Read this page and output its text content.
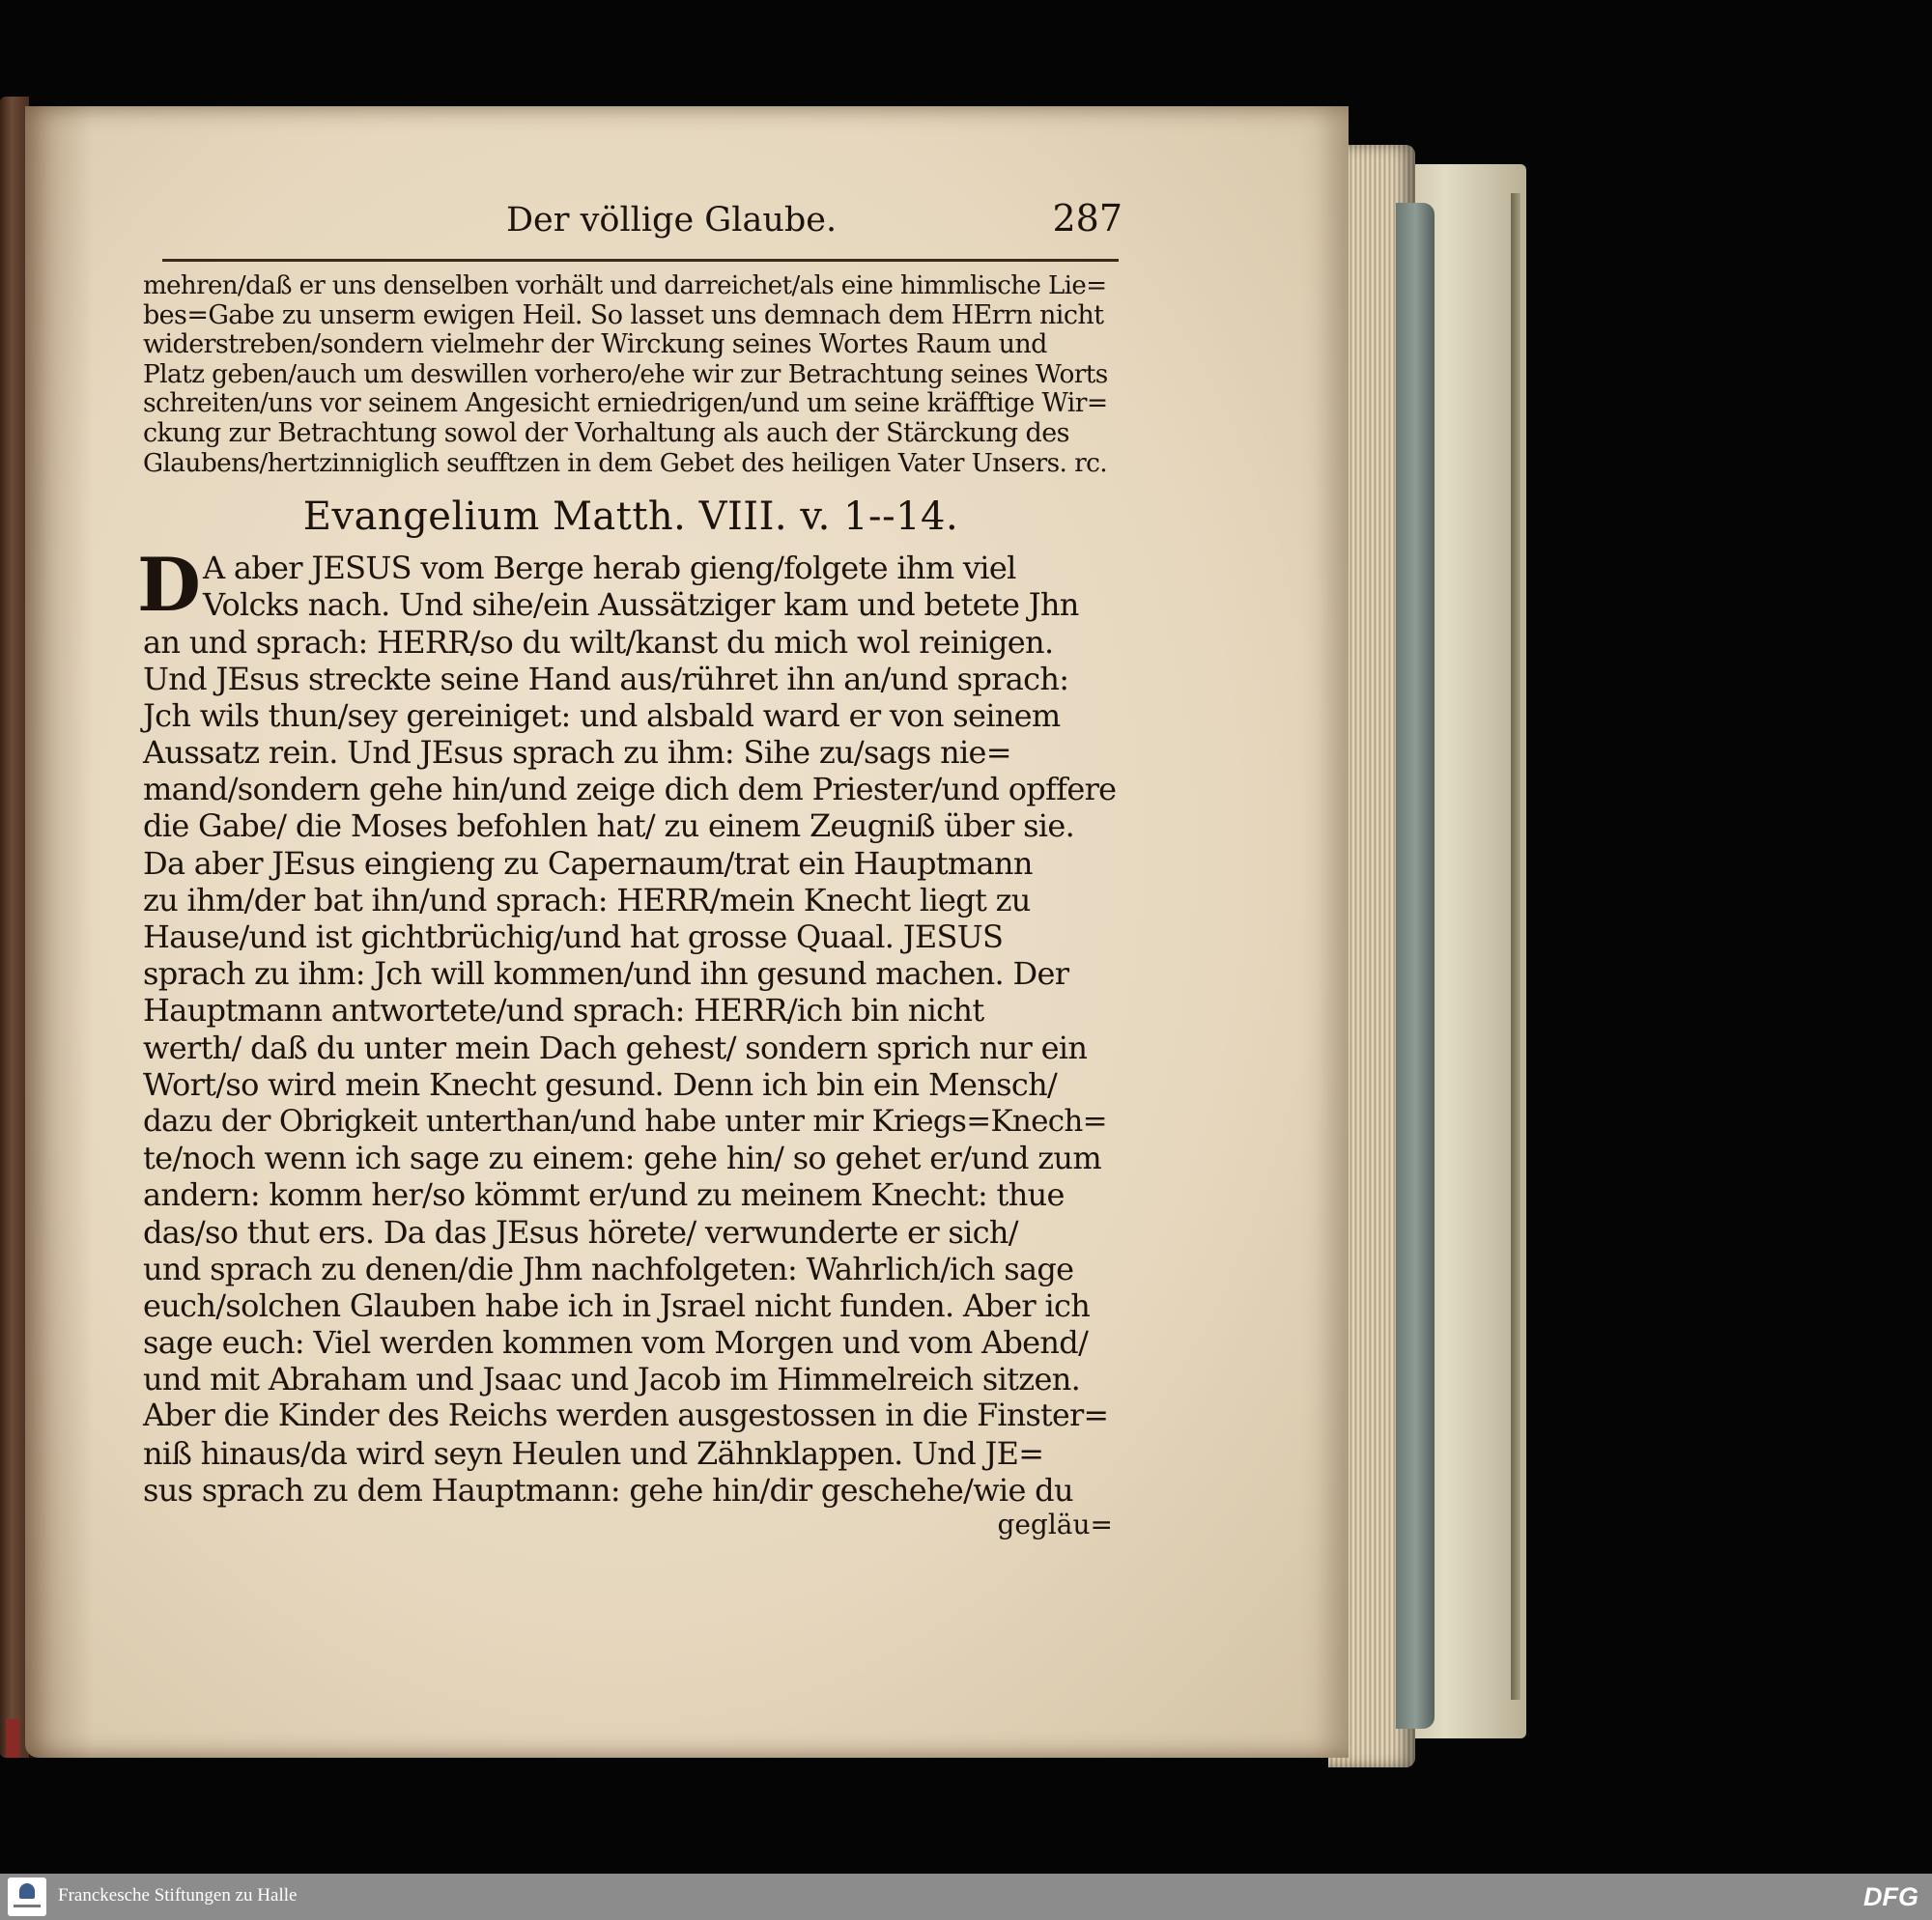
Der völlige Glaube.	287
mehren/daß er uns denselben vorhält und darreichet/als eine himmlische Lie=
bes=Gabe zu unserm ewigen Heil. So lasset uns demnach dem HErrn nicht
widerstreben/sondern vielmehr der Wirckung seines Wortes Raum und
Platz geben/auch um deswillen vorhero/ehe wir zur Betrachtung seines Worts
schreiten/uns vor seinem Angesicht erniedrigen/und um seine kräfftige Wir=
ckung zur Betrachtung sowol der Vorhaltung als auch der Stärckung des
Glaubens/hertzinniglich seufftzen in dem Gebet des heiligen Vater Unsers. rc.
Evangelium Matth. VIII. v. 1--14.
D A aber JESUS vom Berge herab gieng/folgete ihm viel
Volcks nach. Und sihe/ein Aussätziger kam und betete Jhn
an und sprach: HERR/so du wilt/kanst du mich wol reinigen.
Und JEsus streckte seine Hand aus/rühret ihn an/und sprach:
Jch wils thun/sey gereiniget: und alsbald ward er von seinem
Aussatz rein. Und JEsus sprach zu ihm: Sihe zu/sags nie=
mand/sondern gehe hin/und zeige dich dem Priester/und opffere
die Gabe/ die Moses befohlen hat/ zu einem Zeugniß über sie.
Da aber JEsus eingieng zu Capernaum/trat ein Hauptmann
zu ihm/der bat ihn/und sprach: HERR/mein Knecht liegt zu
Hause/und ist gichtbrüchig/und hat grosse Quaal. JESUS
sprach zu ihm: Jch will kommen/und ihn gesund machen. Der
Hauptmann antwortete/und sprach: HERR/ich bin nicht
werth/ daß du unter mein Dach gehest/ sondern sprich nur ein
Wort/so wird mein Knecht gesund. Denn ich bin ein Mensch/
dazu der Obrigkeit unterthan/und habe unter mir Kriegs=Knech=
te/noch wenn ich sage zu einem: gehe hin/ so gehet er/und zum
andern: komm her/so kömmt er/und zu meinem Knecht: thue
das/so thut ers. Da das JEsus hörete/ verwunderte er sich/
und sprach zu denen/die Jhm nachfolgeten: Wahrlich/ich sage
euch/solchen Glauben habe ich in Jsrael nicht funden. Aber ich
sage euch: Viel werden kommen vom Morgen und vom Abend/
und mit Abraham und Jsaac und Jacob im Himmelreich sitzen.
Aber die Kinder des Reichs werden ausgestossen in die Finster=
niß hinaus/da wird seyn Heulen und Zähnklappen. Und JE=
sus sprach zu dem Hauptmann: gehe hin/dir geschehe/wie du
gegläu=
Franckesche Stiftungen zu Halle	DFG
